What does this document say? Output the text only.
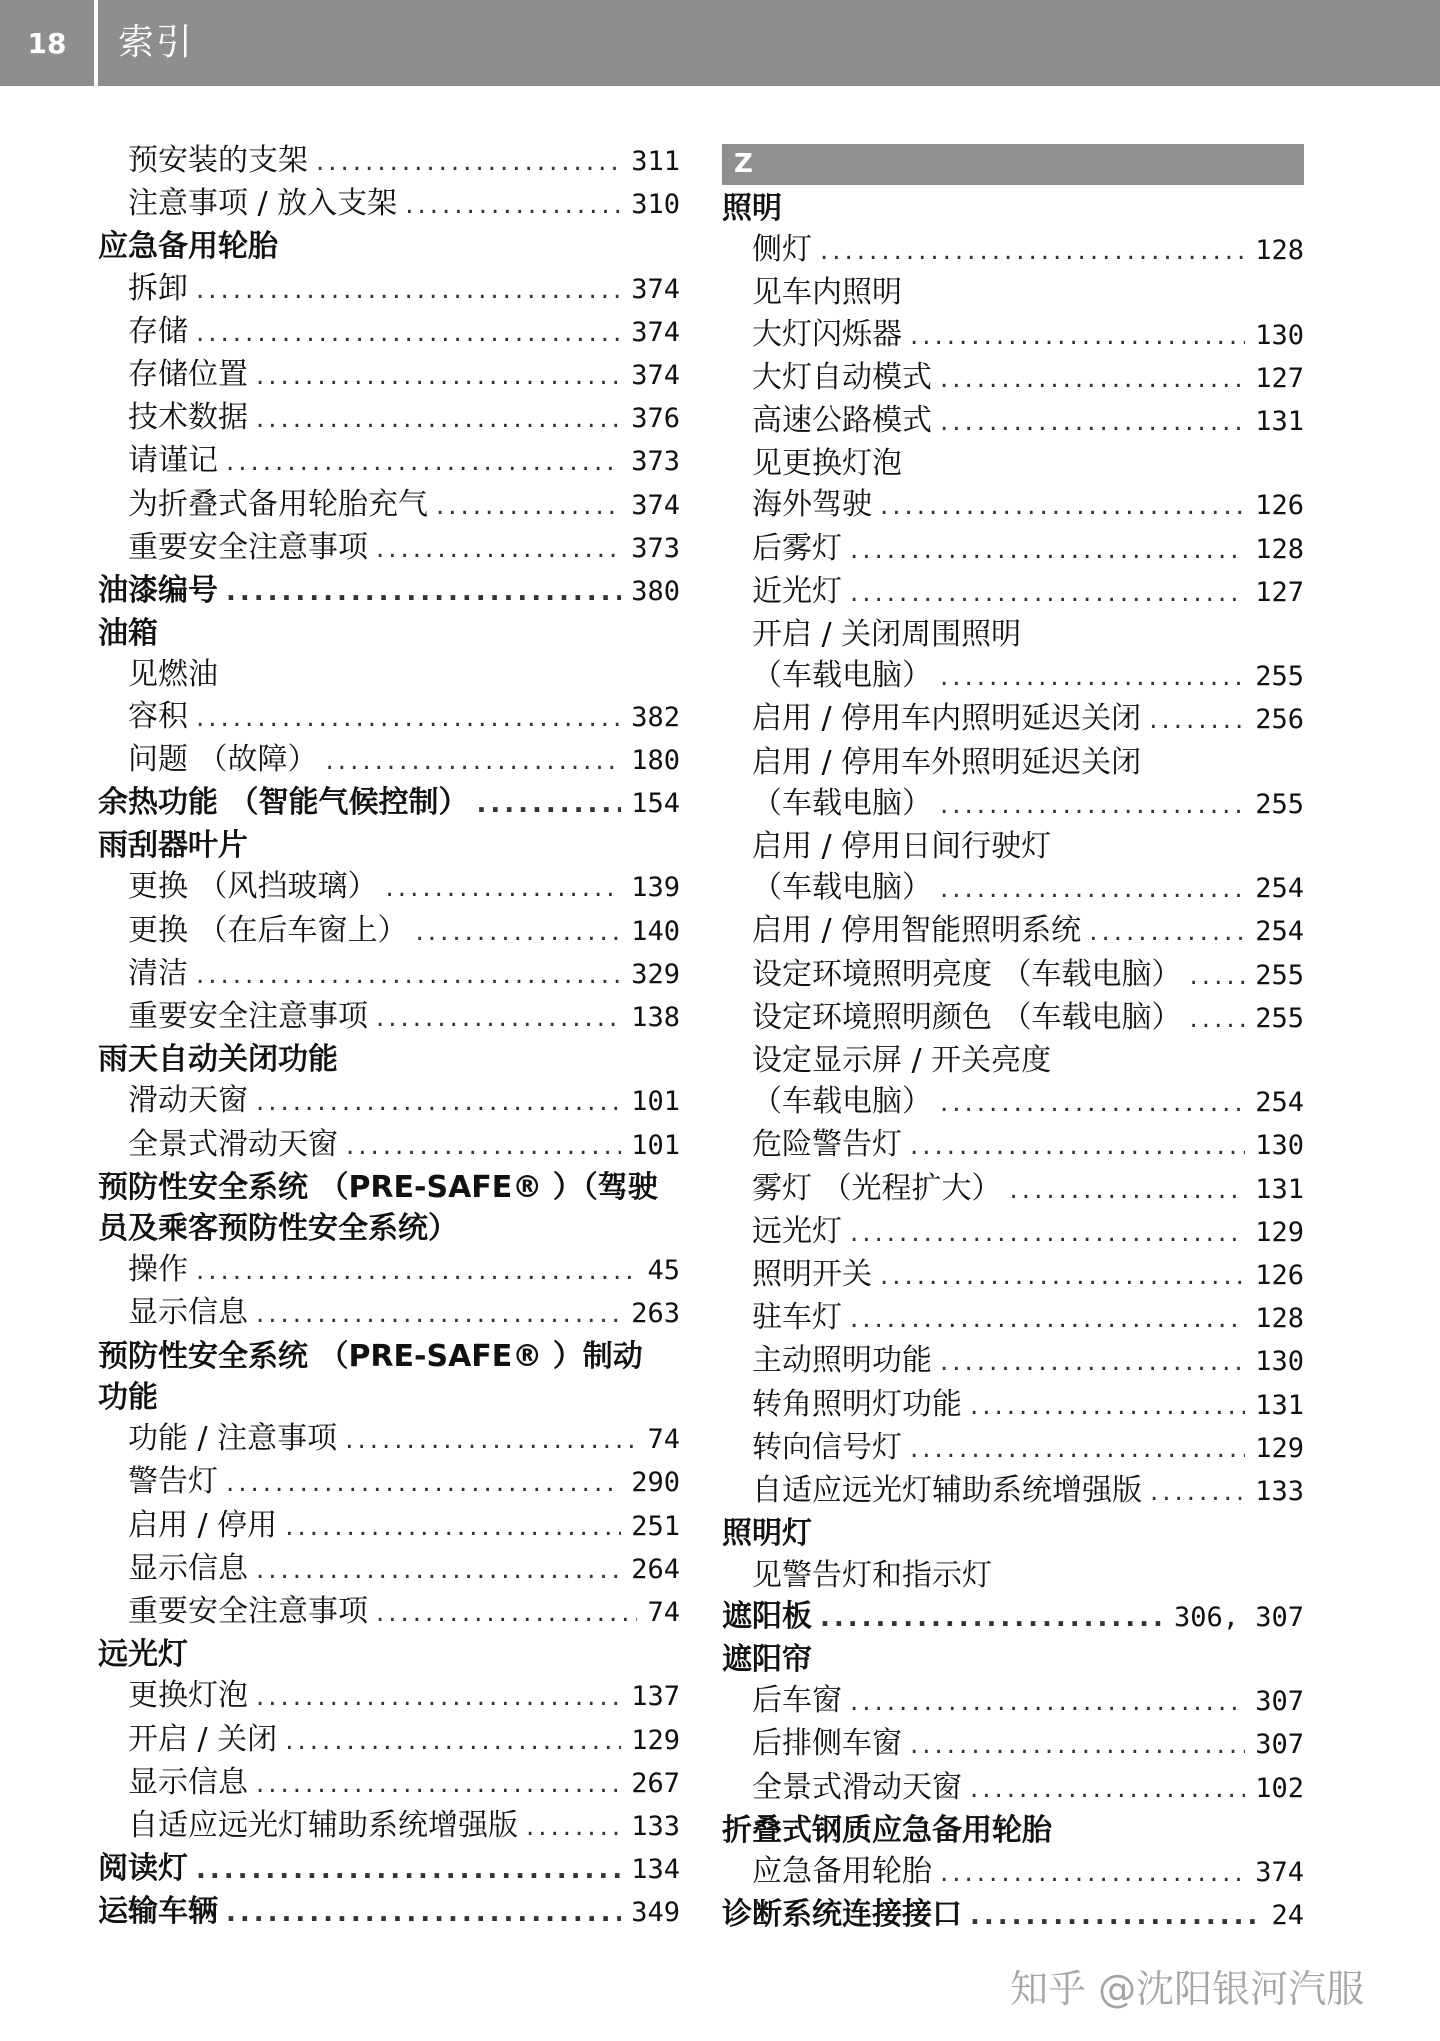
18	索引
预安装的支架 .....	311
注意事项 / 放入支架 .....	310
应急备用轮胎
拆卸 .....	374
存储 .....	374
存储位置 .....	374
技术数据 .....	376
请谨记 .....	373
为折叠式备用轮胎充气 .....	374
重要安全注意事项 .....	373
油漆编号 .....	380
油箱
见燃油
容积 .....	382
问题 （故障） .....	180
余热功能 （智能气候控制） .....	154
雨刮器叶片
更换 （风挡玻璃） .....	139
更换 （在后车窗上） .....	140
清洁 .....	329
重要安全注意事项 .....	138
雨天自动关闭功能
滑动天窗 .....	101
全景式滑动天窗 .....	101
预防性安全系统 （PRE-SAFE® ）（驾驶
员及乘客预防性安全系统）
操作 .....	45
显示信息 .....	263
预防性安全系统 （PRE-SAFE® ）制动
功能
功能 / 注意事项 .....	74
警告灯 .....	290
启用 / 停用 .....	251
显示信息 .....	264
重要安全注意事项 .....	74
远光灯
更换灯泡 .....	137
开启 / 关闭 .....	129
显示信息 .....	267
自适应远光灯辅助系统增强版 .....	133
阅读灯 .....	134
运输车辆 .....	349
Z
照明
侧灯 .....	128
见车内照明
大灯闪烁器 .....	130
大灯自动模式 .....	127
高速公路模式 .....	131
见更换灯泡
海外驾驶 .....	126
后雾灯 .....	128
近光灯 .....	127
开启 / 关闭周围照明
（车载电脑） .....	255
启用 / 停用车内照明延迟关闭 .....	256
启用 / 停用车外照明延迟关闭
（车载电脑） .....	255
启用 / 停用日间行驶灯
（车载电脑） .....	254
启用 / 停用智能照明系统 .....	254
设定环境照明亮度 （车载电脑） .....	255
设定环境照明颜色 （车载电脑） .....	255
设定显示屏 / 开关亮度
（车载电脑） .....	254
危险警告灯 .....	130
雾灯 （光程扩大） .....	131
远光灯 .....	129
照明开关 .....	126
驻车灯 .....	128
主动照明功能 .....	130
转角照明灯功能 .....	131
转向信号灯 .....	129
自适应远光灯辅助系统增强版 .....	133
照明灯
见警告灯和指示灯
遮阳板 .....	306, 307
遮阳帘
后车窗 .....	307
后排侧车窗 .....	307
全景式滑动天窗 .....	102
折叠式钢质应急备用轮胎
应急备用轮胎 .....	374
诊断系统连接接口 .....	24
知乎 @沈阳银河汽服
